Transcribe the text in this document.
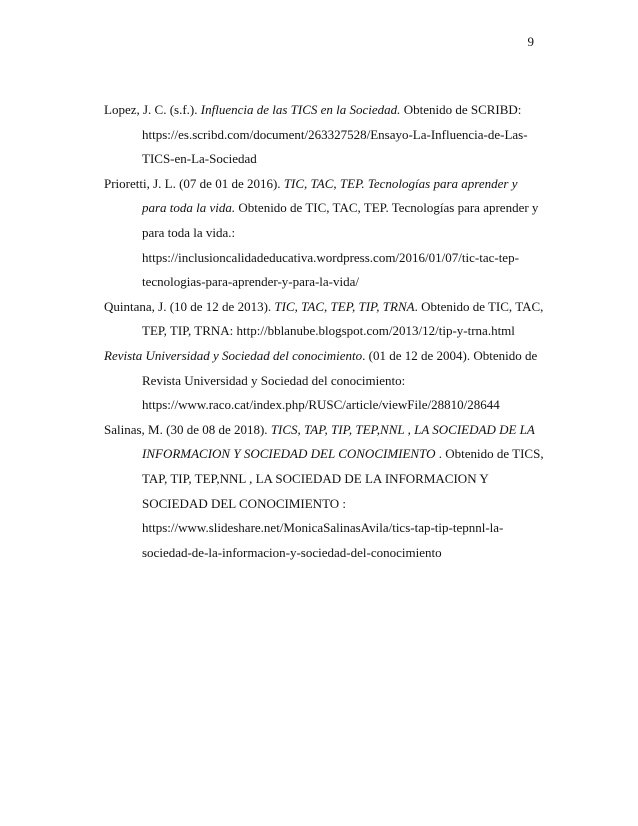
9

Lopez, J. C. (s.f.). Influencia de las TICS en la Sociedad. Obtenido de SCRIBD:
https://es.scribd.com/document/263327528/Ensayo-La-Influencia-de-Las-
TICS-en-La-Sociedad

Prioretti, J. L. (07 de 01 de 2016). TIC, TAC, TEP. Tecnologías para aprender y
para toda la vida. Obtenido de TIC, TAC, TEP. Tecnologías para aprender y
para toda la vida.:
https://inclusioncalidadeducativa.wordpress.com/2016/01/07/tic-tac-tep-
tecnologias-para-aprender-y-para-la-vida/

Quintana, J. (10 de 12 de 2013). TIC, TAC, TEP, TIP, TRNA. Obtenido de TIC, TAC,
TEP, TIP, TRNA: http://bblanube.blogspot.com/2013/12/tip-y-trna.html

Revista Universidad y Sociedad del conocimiento. (01 de 12 de 2004). Obtenido de
Revista Universidad y Sociedad del conocimiento:
https://www.raco.cat/index.php/RUSC/article/viewFile/28810/28644

Salinas, M. (30 de 08 de 2018). TICS, TAP, TIP, TEP,NNL , LA SOCIEDAD DE LA
INFORMACION Y SOCIEDAD DEL CONOCIMIENTO . Obtenido de TICS,
TAP, TIP, TEP,NNL , LA SOCIEDAD DE LA INFORMACION Y
SOCIEDAD DEL CONOCIMIENTO :
https://www.slideshare.net/MonicaSalinasAvila/tics-tap-tip-tepnnl-la-
sociedad-de-la-informacion-y-sociedad-del-conocimiento
